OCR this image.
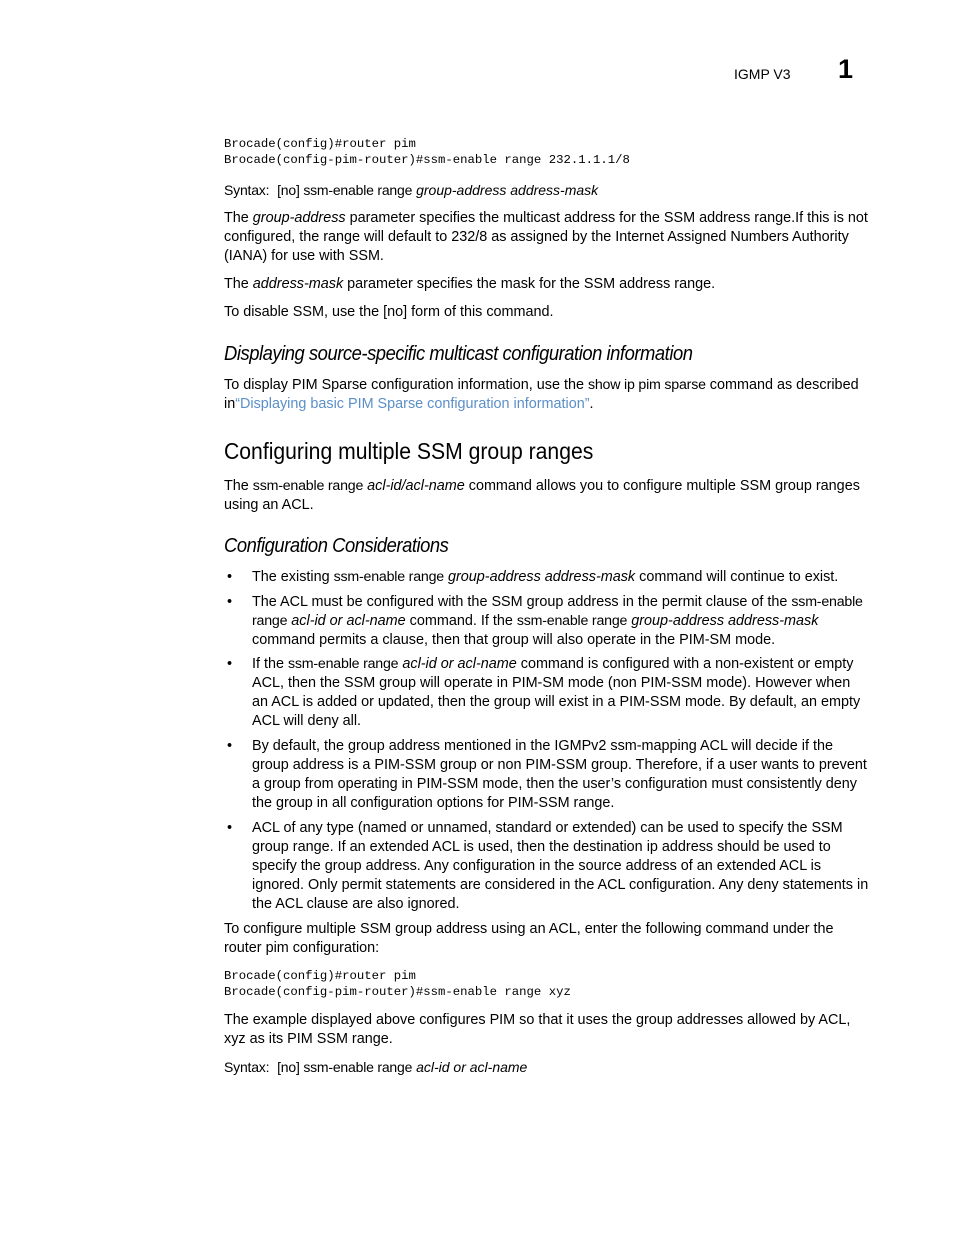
IGMP V3 1
Brocade(config)#router pim
Brocade(config-pim-router)#ssm-enable range 232.1.1.1/8

Syntax: [no] ssm-enable range group-address address-mask

The group-address parameter specifies the multicast address for the SSM address range.If this is not configured, the range will default to 232/8 as assigned by the Internet Assigned Numbers Authority (IANA) for use with SSM.

The address-mask parameter specifies the mask for the SSM address range.

To disable SSM, use the [no] form of this command.

Displaying source-specific multicast configuration information

To display PIM Sparse configuration information, use the show ip pim sparse command as described in“Displaying basic PIM Sparse configuration information”.

Configuring multiple SSM group ranges

The ssm-enable range acl-id/acl-name command allows you to configure multiple SSM group ranges using an ACL.

Configuration Considerations
• The existing ssm-enable range group-address address-mask command will continue to exist.
• The ACL must be configured with the SSM group address in the permit clause of the ssm-enable range acl-id or acl-name command. If the ssm-enable range group-address address-mask command permits a clause, then that group will also operate in the PIM-SM mode.
• If the ssm-enable range acl-id or acl-name command is configured with a non-existent or empty ACL, then the SSM group will operate in PIM-SM mode (non PIM-SSM mode). However when an ACL is added or updated, then the group will exist in a PIM-SSM mode. By default, an empty ACL will deny all.
• By default, the group address mentioned in the IGMPv2 ssm-mapping ACL will decide if the group address is a PIM-SSM group or non PIM-SSM group. Therefore, if a user wants to prevent a group from operating in PIM-SSM mode, then the user’s configuration must consistently deny the group in all configuration options for PIM-SSM range.
• ACL of any type (named or unnamed, standard or extended) can be used to specify the SSM group range. If an extended ACL is used, then the destination ip address should be used to specify the group address. Any configuration in the source address of an extended ACL is ignored. Only permit statements are considered in the ACL configuration. Any deny statements in the ACL clause are also ignored.

To configure multiple SSM group address using an ACL, enter the following command under the router pim configuration:

Brocade(config)#router pim
Brocade(config-pim-router)#ssm-enable range xyz

The example displayed above configures PIM so that it uses the group addresses allowed by ACL, xyz as its PIM SSM range.

Syntax: [no] ssm-enable range acl-id or acl-name
